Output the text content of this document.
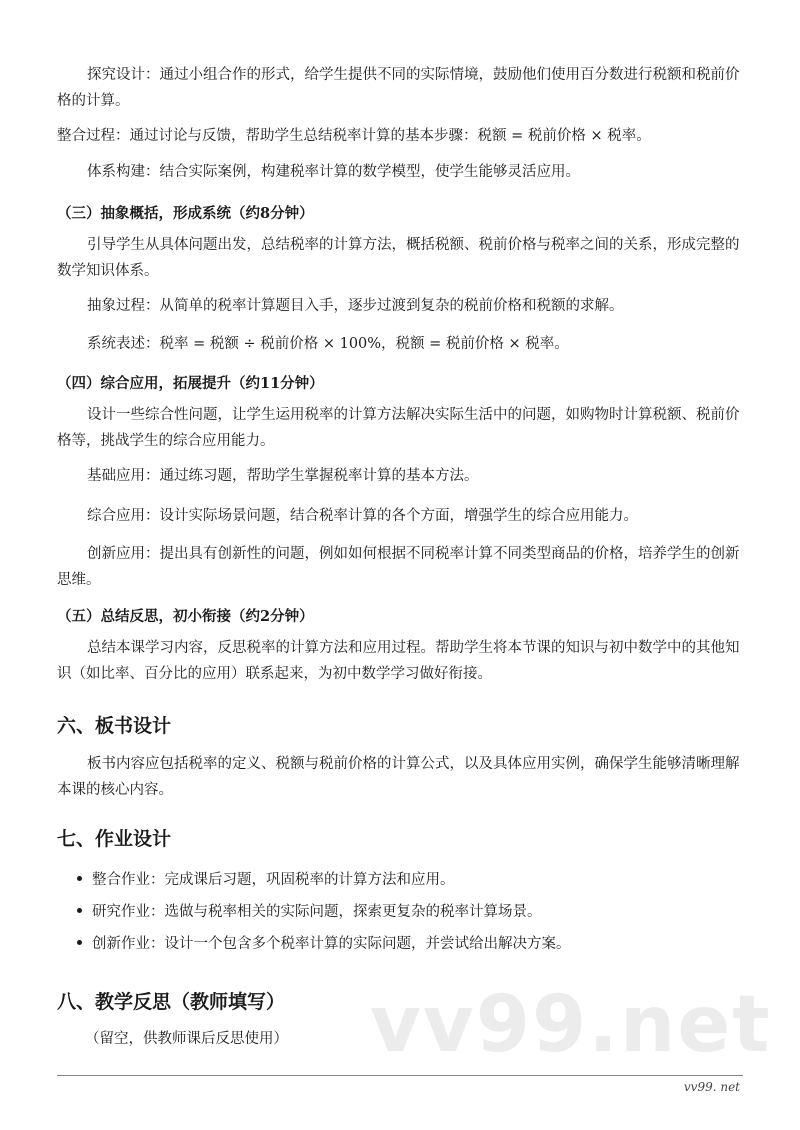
探究设计：通过小组合作的形式，给学生提供不同的实际情境，鼓励他们使用百分数进行税额和税前价格的计算。

整合过程：通过讨论与反馈，帮助学生总结税率计算的基本步骤：税额 = 税前价格 × 税率。

体系构建：结合实际案例，构建税率计算的数学模型，使学生能够灵活应用。

（三）抽象概括，形成系统（约8分钟）

引导学生从具体问题出发，总结税率的计算方法，概括税额、税前价格与税率之间的关系，形成完整的数学知识体系。

抽象过程：从简单的税率计算题目入手，逐步过渡到复杂的税前价格和税额的求解。

系统表述：税率 = 税额 ÷ 税前价格 × 100%，税额 = 税前价格 × 税率。

（四）综合应用，拓展提升（约11分钟）

设计一些综合性问题，让学生运用税率的计算方法解决实际生活中的问题，如购物时计算税额、税前价格等，挑战学生的综合应用能力。

基础应用：通过练习题，帮助学生掌握税率计算的基本方法。

综合应用：设计实际场景问题，结合税率计算的各个方面，增强学生的综合应用能力。

创新应用：提出具有创新性的问题，例如如何根据不同税率计算不同类型商品的价格，培养学生的创新思维。

（五）总结反思，初小衔接（约2分钟）

总结本课学习内容，反思税率的计算方法和应用过程。帮助学生将本节课的知识与初中数学中的其他知识（如比率、百分比的应用）联系起来，为初中数学学习做好衔接。

六、板书设计

板书内容应包括税率的定义、税额与税前价格的计算公式，以及具体应用实例，确保学生能够清晰理解本课的核心内容。

七、作业设计
整合作业：完成课后习题，巩固税率的计算方法和应用。
研究作业：选做与税率相关的实际问题，探索更复杂的税率计算场景。
创新作业：设计一个包含多个税率计算的实际问题，并尝试给出解决方案。
八、教学反思（教师填写）

（留空，供教师课后反思使用）	vv99.net
vv99. net
